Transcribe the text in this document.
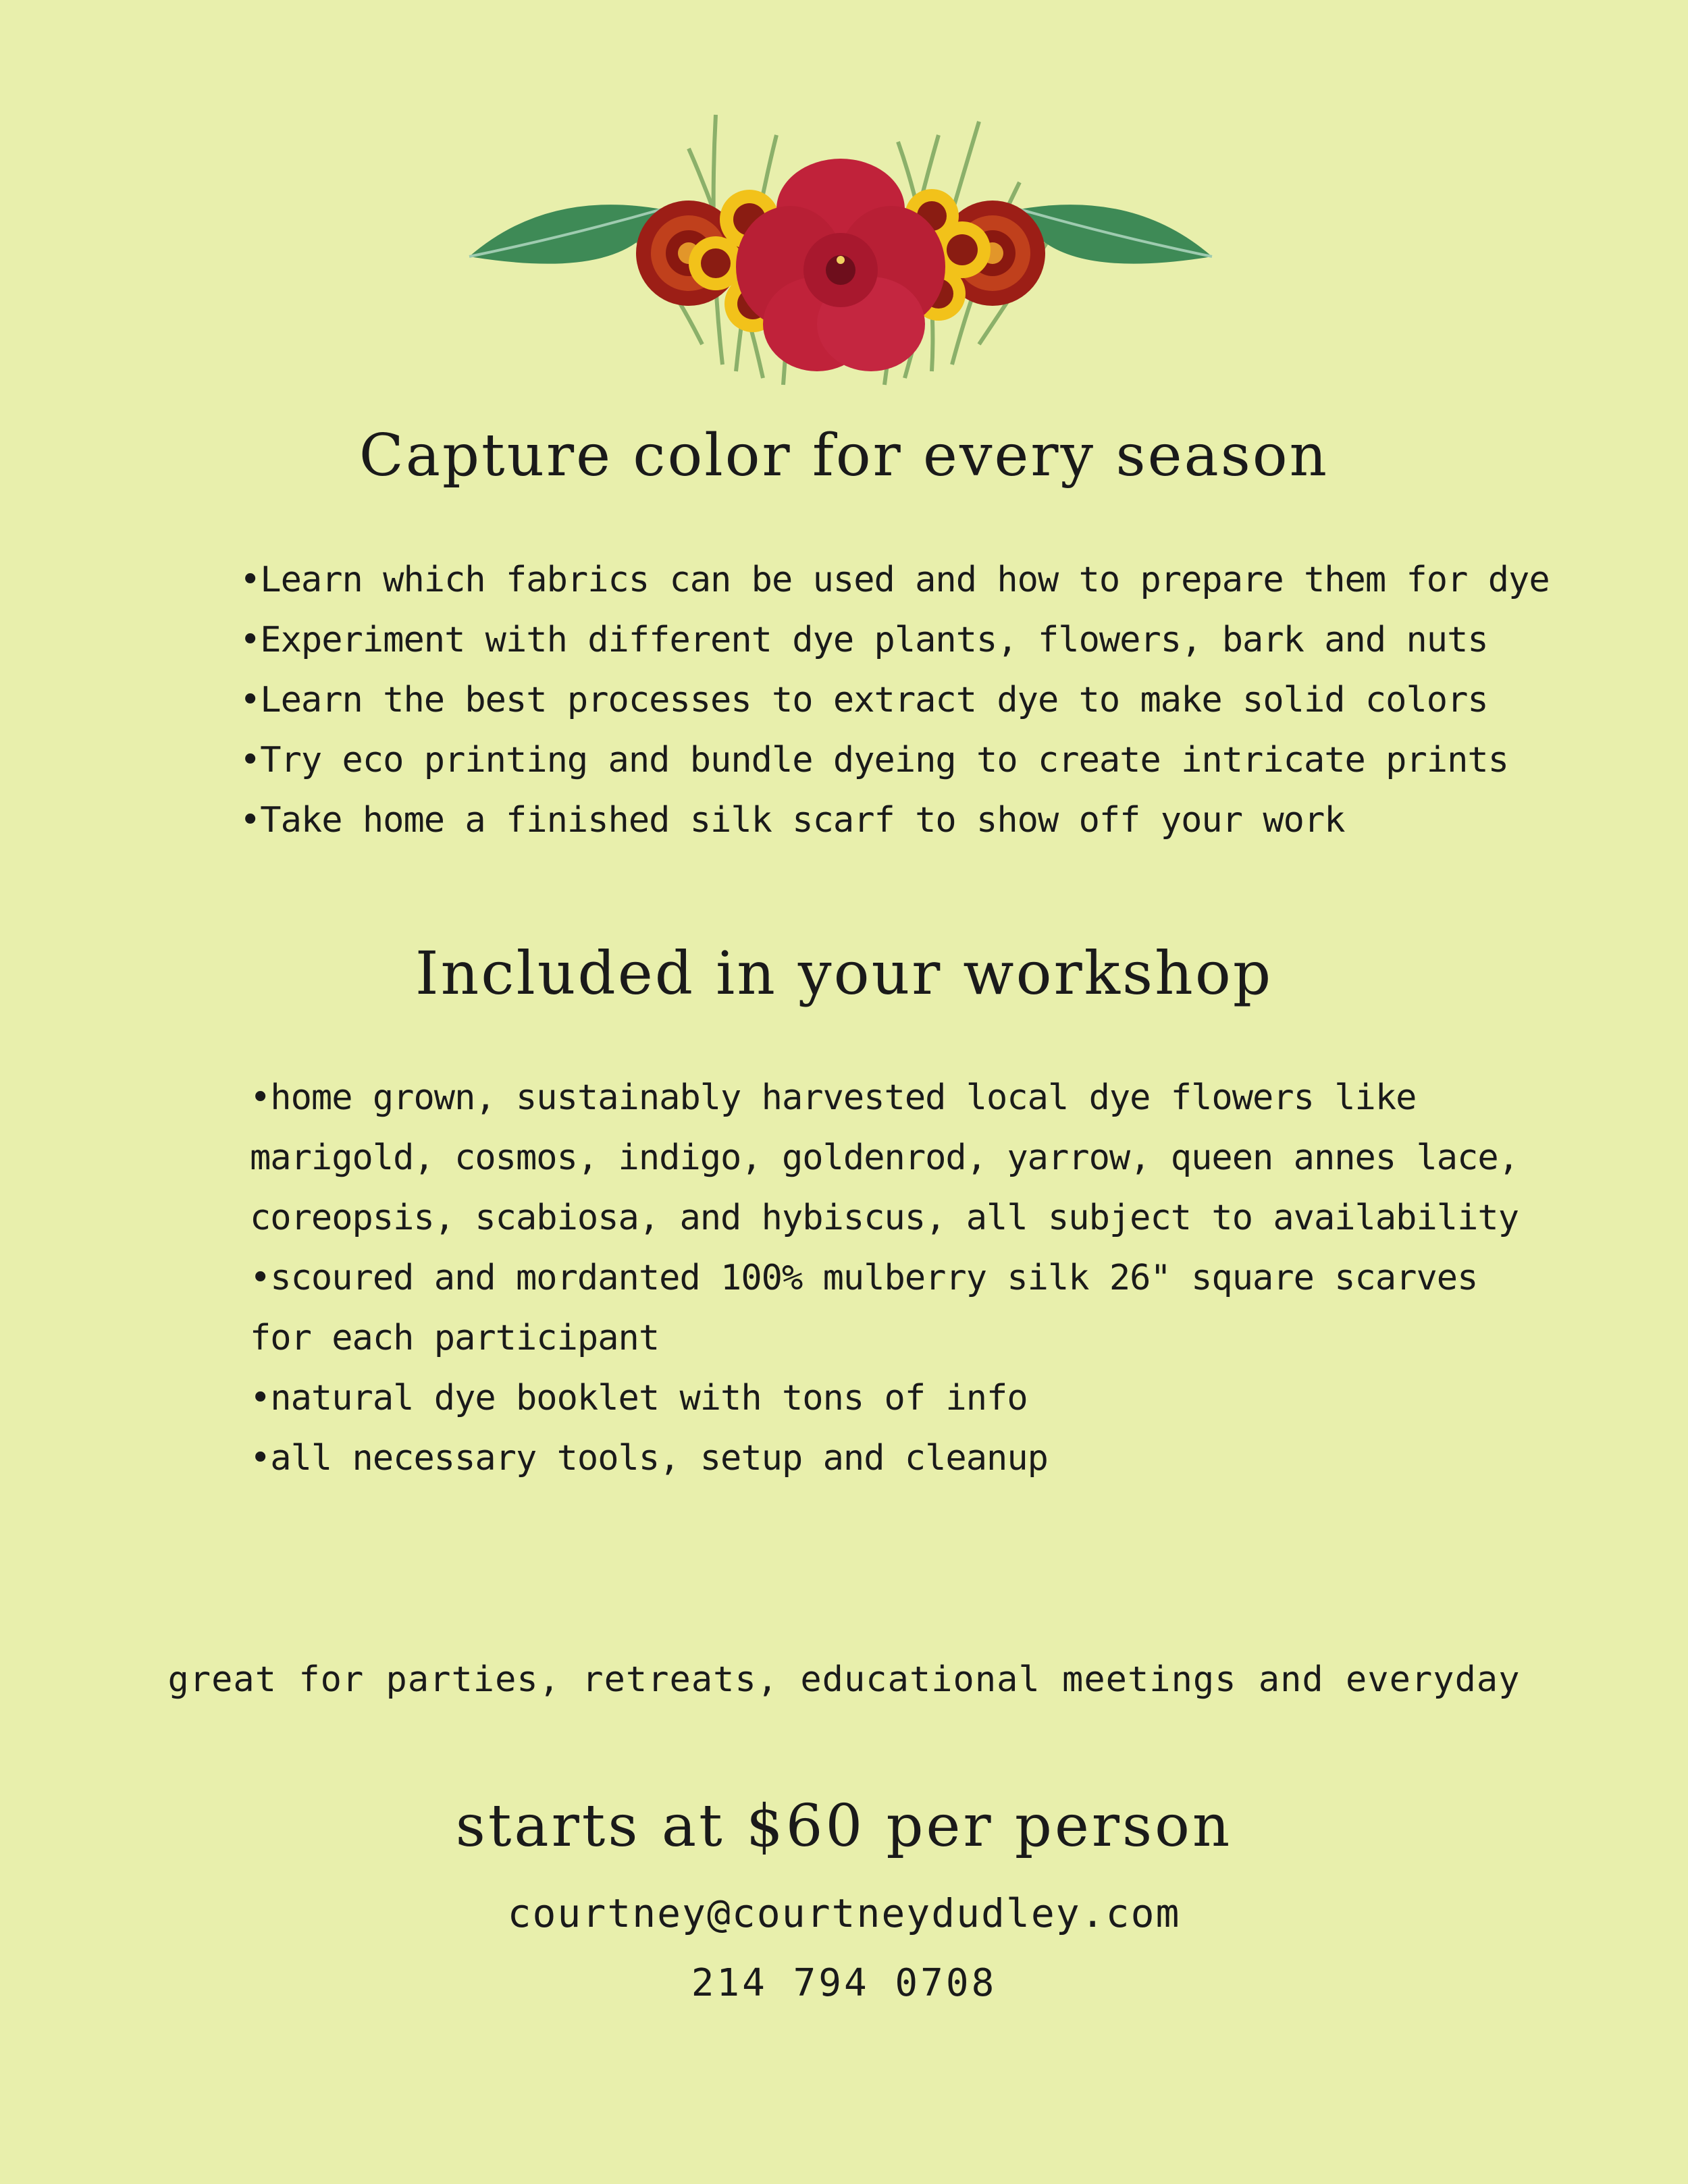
Capture color for every season
•Learn which fabrics can be used and how to prepare them for dye
•Experiment with different dye plants, flowers, bark and nuts
•Learn the best processes to extract dye to make solid colors
•Try eco printing and bundle dyeing to create intricate prints
•Take home a finished silk scarf to show off your work
Included in your workshop
•home grown, sustainably harvested local dye flowers like marigold, cosmos, indigo, goldenrod, yarrow, queen annes lace, coreopsis, scabiosa, and hybiscus, all subject to availability
•scoured and mordanted 100% mulberry silk 26" square scarves for each participant
•natural dye booklet with tons of info
•all necessary tools, setup and cleanup
great for parties, retreats, educational meetings and everyday
starts at $60 per person
courtney@courtneydudley.com
214 794 0708
